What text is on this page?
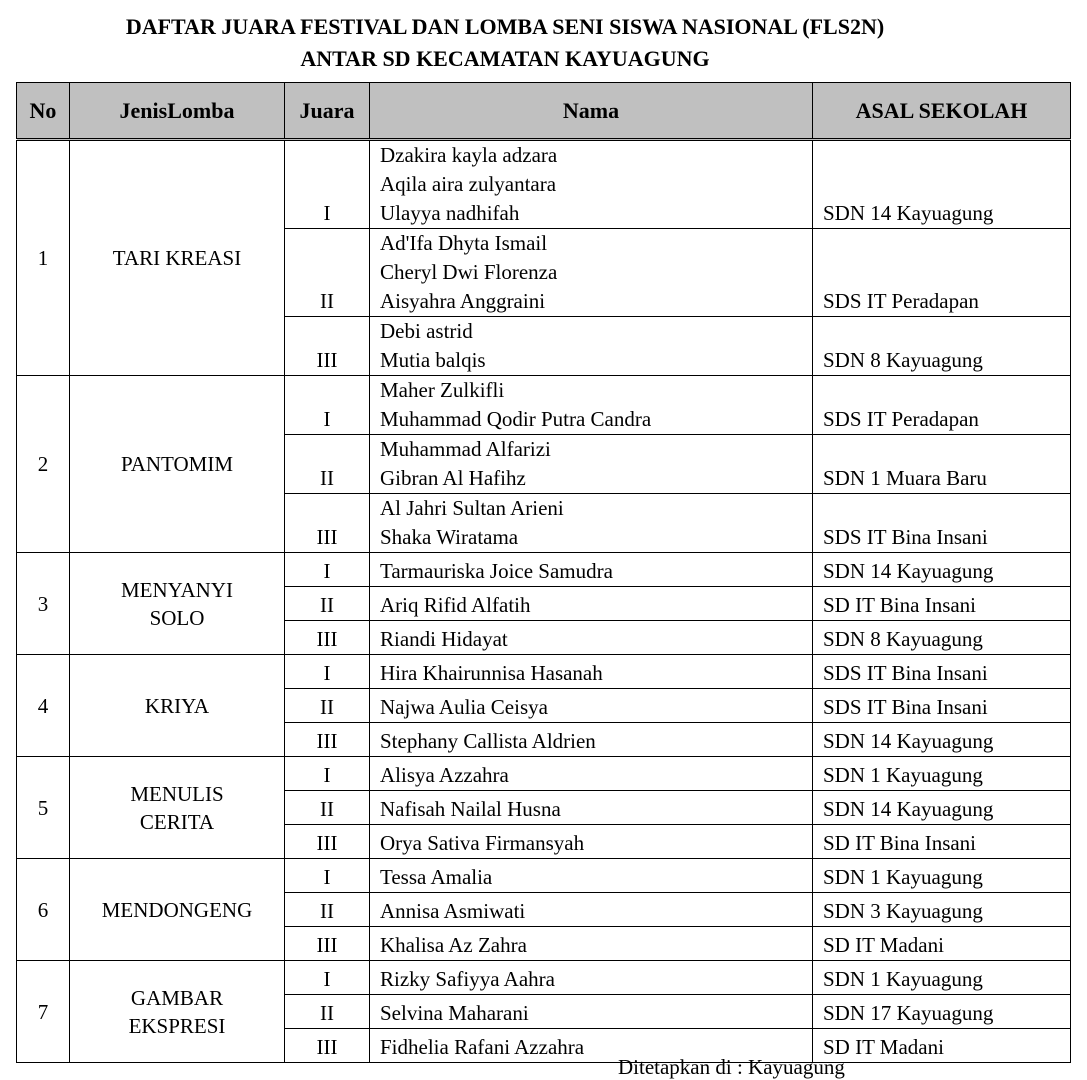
DAFTAR JUARA FESTIVAL DAN LOMBA SENI SISWA NASIONAL (FLS2N)
ANTAR SD KECAMATAN KAYUAGUNG
No	JenisLomba	Juara	Nama	ASAL SEKOLAH
1	TARI KREASI	I	Dzakira kayla adzara
Aqila aira zulyantara
Ulayya nadhifah	SDN 14 Kayuagung

		II	Ad'Ifa Dhyta Ismail
Cheryl Dwi Florenza
Aisyahra Anggraini	SDS IT Peradapan

		III	Debi astrid
Mutia balqis	SDN 8 Kayuagung

2	PANTOMIM	I	Maher Zulkifli
Muhammad Qodir Putra Candra	SDS IT Peradapan

		II	Muhammad Alfarizi
Gibran Al Hafihz	SDN 1 Muara Baru

		III	Al Jahri Sultan Arieni
Shaka Wiratama	SDS IT Bina Insani

3	MENYANYI
SOLO	I	Tarmauriska Joice Samudra	SDN 14 Kayuagung

		II	Ariq Rifid Alfatih	SD IT Bina Insani

		III	Riandi Hidayat	SDN 8 Kayuagung

4	KRIYA	I	Hira Khairunnisa Hasanah	SDS IT Bina Insani

		II	Najwa Aulia Ceisya	SDS IT Bina Insani

		III	Stephany Callista Aldrien	SDN 14 Kayuagung

5	MENULIS
CERITA	I	Alisya Azzahra	SDN 1 Kayuagung

		II	Nafisah Nailal Husna	SDN 14 Kayuagung

		III	Orya Sativa Firmansyah	SD IT Bina Insani

6	MENDONGENG	I	Tessa Amalia	SDN 1 Kayuagung

		II	Annisa Asmiwati	SDN 3 Kayuagung

		III	Khalisa Az Zahra	SD IT Madani

7	GAMBAR
EKSPRESI	I	Rizky Safiyya Aahra	SDN 1 Kayuagung

		II	Selvina Maharani	SDN 17 Kayuagung

		III	Fidhelia Rafani Azzahra	SD IT Madani
Ditetapkan di : Kayuagung
